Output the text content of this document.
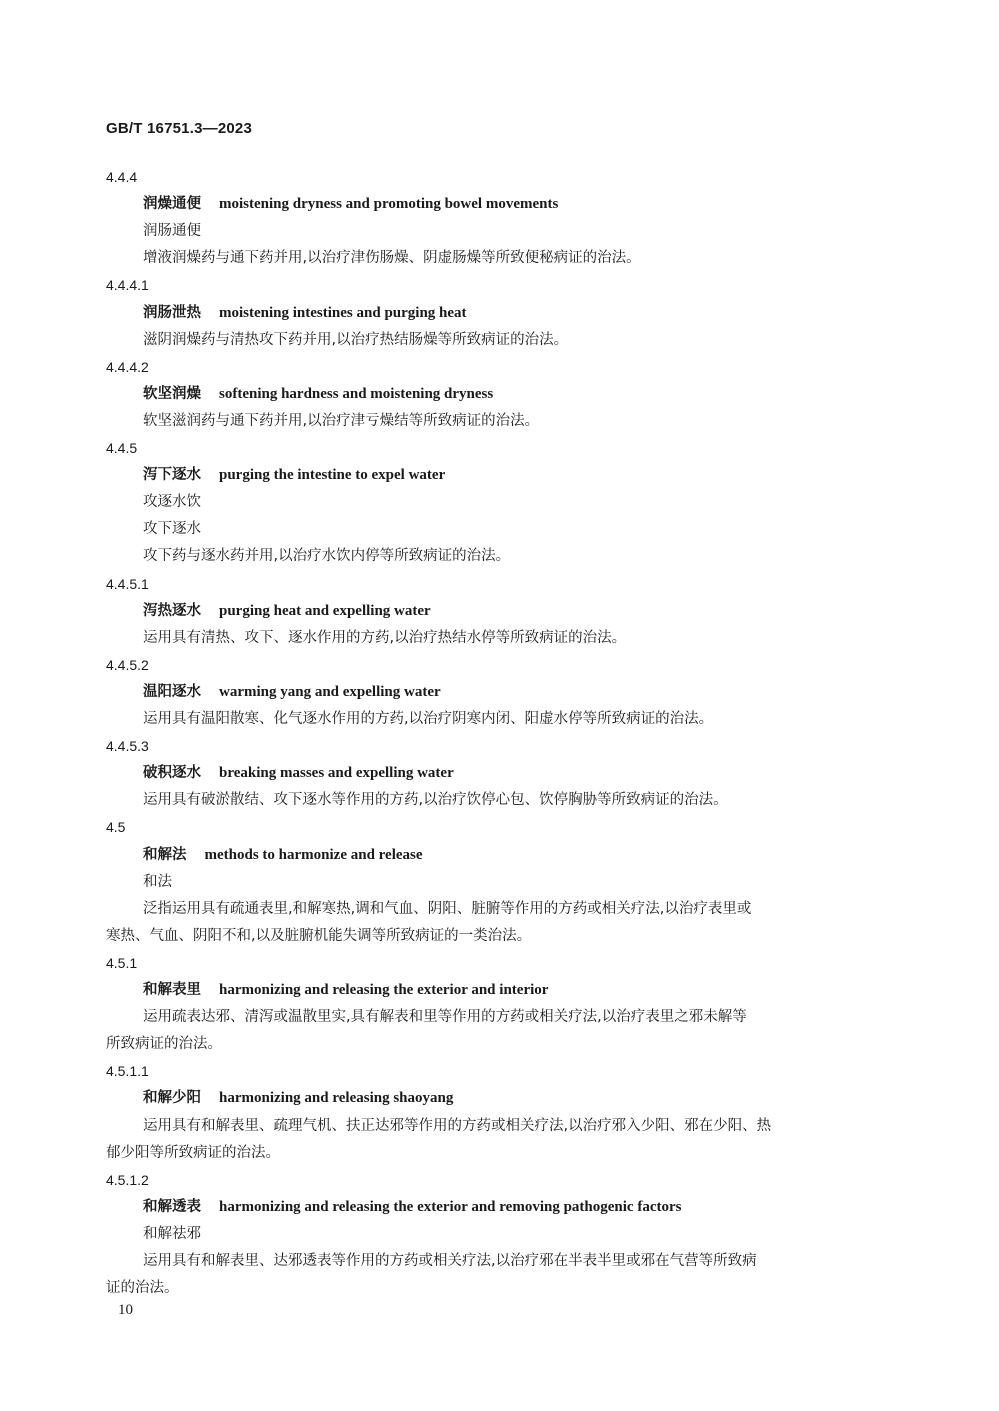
GB/T 16751.3—2023
4.4.4
润燥通便 moistening dryness and promoting bowel movements
润肠通便
增液润燥药与通下药并用,以治疗津伤肠燥、阴虚肠燥等所致便秘病证的治法。
4.4.4.1
润肠泄热 moistening intestines and purging heat
滋阴润燥药与清热攻下药并用,以治疗热结肠燥等所致病证的治法。
4.4.4.2
软坚润燥 softening hardness and moistening dryness
软坚滋润药与通下药并用,以治疗津亏燥结等所致病证的治法。
4.4.5
泻下逐水 purging the intestine to expel water
攻逐水饮
攻下逐水
攻下药与逐水药并用,以治疗水饮内停等所致病证的治法。
4.4.5.1
泻热逐水 purging heat and expelling water
运用具有清热、攻下、逐水作用的方药,以治疗热结水停等所致病证的治法。
4.4.5.2
温阳逐水 warming yang and expelling water
运用具有温阳散寒、化气逐水作用的方药,以治疗阴寒内闭、阳虚水停等所致病证的治法。
4.4.5.3
破积逐水 breaking masses and expelling water
运用具有破淤散结、攻下逐水等作用的方药,以治疗饮停心包、饮停胸胁等所致病证的治法。
4.5
和解法 methods to harmonize and release
和法
泛指运用具有疏通表里,和解寒热,调和气血、阴阳、脏腑等作用的方药或相关疗法,以治疗表里或
寒热、气血、阴阳不和,以及脏腑机能失调等所致病证的一类治法。
4.5.1
和解表里 harmonizing and releasing the exterior and interior
运用疏表达邪、清泻或温散里实,具有解表和里等作用的方药或相关疗法,以治疗表里之邪未解等
所致病证的治法。
4.5.1.1
和解少阳 harmonizing and releasing shaoyang
运用具有和解表里、疏理气机、扶正达邪等作用的方药或相关疗法,以治疗邪入少阳、邪在少阳、热
郁少阳等所致病证的治法。
4.5.1.2
和解透表 harmonizing and releasing the exterior and removing pathogenic factors
和解祛邪
运用具有和解表里、达邪透表等作用的方药或相关疗法,以治疗邪在半表半里或邪在气营等所致病
证的治法。
10
